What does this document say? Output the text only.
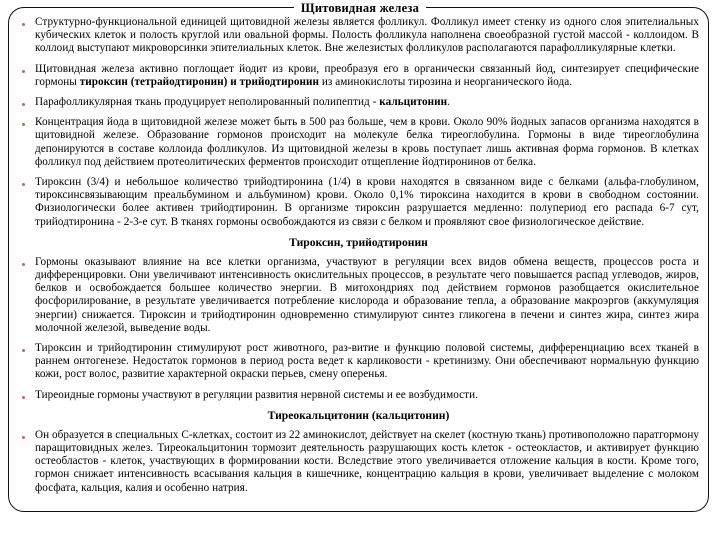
Щитовидная железа
Структурно-функциональной единицей щитовидной железы является фолликул. Фолликул имеет стенку из одного слоя эпителиальных кубических клеток и полость круглой или овальной формы. Полость фолликула наполнена своеобразной густой массой - коллоидом. В коллоид выступают микроворсинки эпителиальных клеток. Вне железистых фолликулов располагаются парафолликулярные клетки.
Щитовидная железа активно поглощает йодит из крови, преобразуя его в органически связанный йод, синтезирует специфические гормоны тироксин (тетрайодтиронин) и трийодтиронин из аминокислоты тирозина и неорганического йода.
Парафолликулярная ткань продуцирует неполированный полипептид - кальцитонин.
Концентрация йода в щитовидной железе может быть в 500 раз больше, чем в крови. Около 90% йодных запасов организма находятся в щитовидной железе. Образование гормонов происходит на молекуле белка тиреоглобулина. Гормоны в виде тиреоглобулина депонируются в составе коллоида фолликулов. Из щитовидной железы в кровь поступает лишь активная форма гормонов. В клетках фолликул под действием протеолитических ферментов происходит отщепление йодтиронинов от белка.
Тироксин (3/4) и небольшое количество трийодтиронина (1/4) в крови находятся в связанном виде с белками (альфа-глобулином, тироксинсвязывающим преальбумином и альбумином) крови. Около 0,1% тироксина находится в крови в свободном состоянии. Физиологически более активен трийодтиронин. В организме тироксин разрушается медленно: полупериод его распада 6-7 сут, трийодтиронина - 2-3-е сут. В тканях гормоны освобождаются из связи с белком и проявляют свое физиологическое действие.
Тироксин, трийодтиронин
Гормоны оказывают влияние на все клетки организма, участвуют в регуляции всех видов обмена веществ, процессов роста и дифференцировки. Они увеличивают интенсивность окислительных процессов, в результате чего повышается распад углеводов, жиров, белков и освобождается большее количество энергии. В митохондриях под действием гормонов разобщается окислительное фосфорилирование, в результате увеличивается потребление кислорода и образование тепла, а образование макроэргов (аккумуляция энергии) снижается. Тироксин и трийодтиронин одновременно стимулируют синтез гликогена в печени и синтез жира, синтез жира молочной железой, выведение воды.
Тироксин и трийодтиронин стимулируют рост животного, раз-витие и функцию половой системы, дифференциацию всех тканей в раннем онтогенезе. Недостаток гормонов в период роста ведет к карликовости - кретинизму. Они обеспечивают нормальную функцию кожи, рост волос, развитие характерной окраски перьев, смену оперенья.
Тиреоидные гормоны участвуют в регуляции развития нервной системы и ее возбудимости.
Тиреокальцитонин (кальцитонин)
Он образуется в специальных С-клетках, состоит из 22 аминокислот, действует на скелет (костную ткань) противоположно паратгормону паращитовидных желез. Тиреокальцитонин тормозит деятельность разрушающих кость клеток - остеокластов, и активирует функцию остеобластов - клеток, участвующих в формировании кости. Вследствие этого увеличивается отложение кальция в кости. Кроме того, гормон снижает интенсивность всасывания кальция в кишечнике, концентрацию кальция в крови, увеличивает выделение с молоком фосфата, кальция, калия и особенно натрия.
